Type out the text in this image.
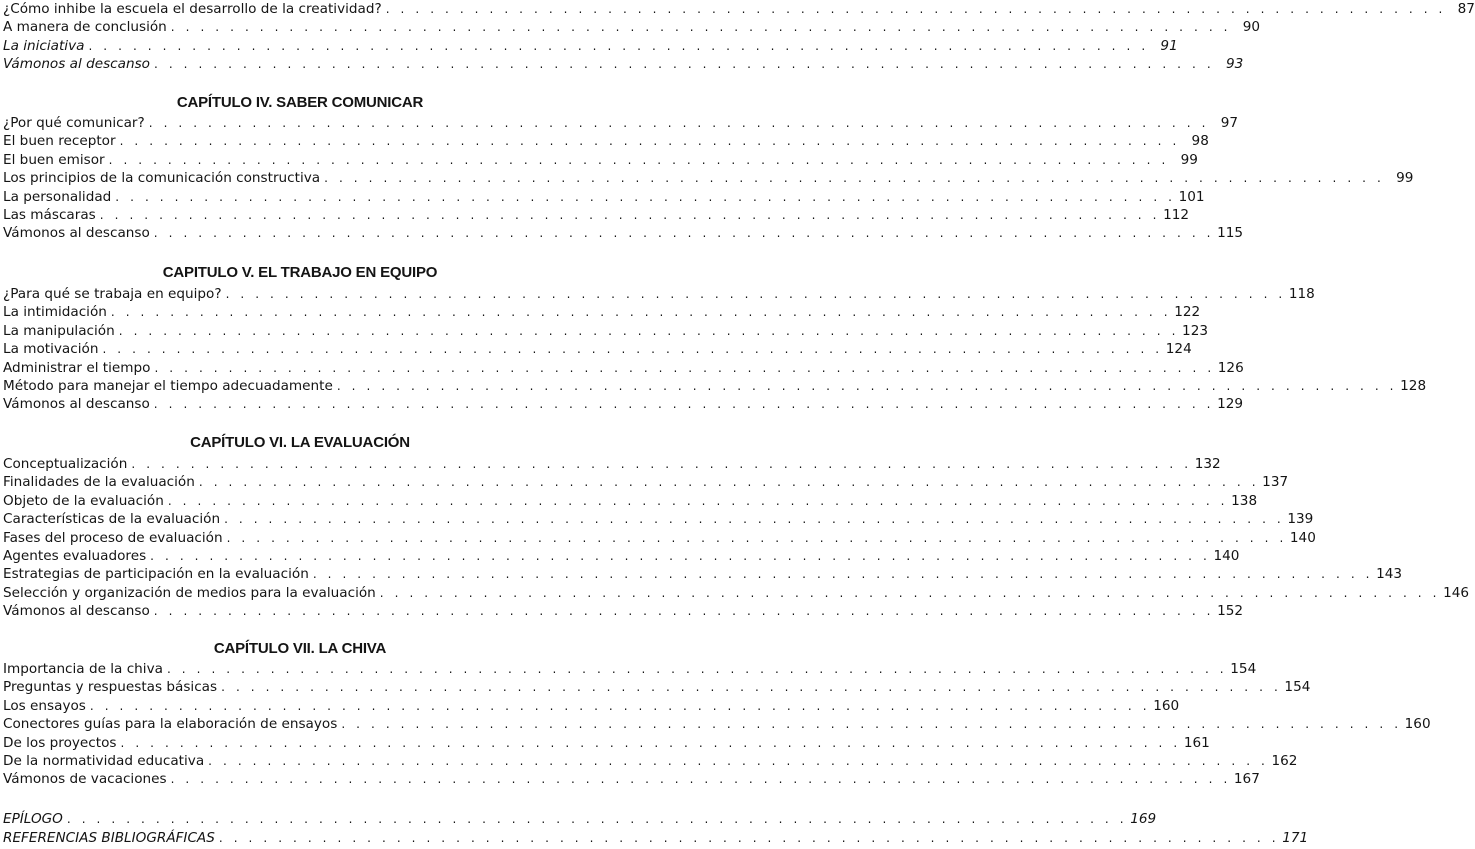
¿Cómo inhibe la escuela el desarrollo de la creatividad? . . . . . . . . . . . . . . . . . . . . . . . . . . . . . . . . . . . . . . . . . . . . . . . . . . . . . . . . . . . . . . . . . . . . . . . . 87
A manera de conclusión . . . . . . . . . . . . . . . . . . . . . . . . . . . . . . . . . . . . . . . . . . . . . . . . . . . . . . . . . . . . . . . . . . . . . . . . 90
La iniciativa . . . . . . . . . . . . . . . . . . . . . . . . . . . . . . . . . . . . . . . . . . . . . . . . . . . . . . . . . . . . . . . . . . . . . . . . 91
Vámonos al descanso . . . . . . . . . . . . . . . . . . . . . . . . . . . . . . . . . . . . . . . . . . . . . . . . . . . . . . . . . . . . . . . . . . . . . . . . 93
CAPÍTULO IV. SABER COMUNICAR
¿Por qué comunicar? . . . . . . . . . . . . . . . . . . . . . . . . . . . . . . . . . . . . . . . . . . . . . . . . . . . . . . . . . . . . . . . . . . . . . . . . 97
El buen receptor . . . . . . . . . . . . . . . . . . . . . . . . . . . . . . . . . . . . . . . . . . . . . . . . . . . . . . . . . . . . . . . . . . . . . . . . 98
El buen emisor . . . . . . . . . . . . . . . . . . . . . . . . . . . . . . . . . . . . . . . . . . . . . . . . . . . . . . . . . . . . . . . . . . . . . . . . 99
Los principios de la comunicación constructiva . . . . . . . . . . . . . . . . . . . . . . . . . . . . . . . . . . . . . . . . . . . . . . . . . . . . . . . . . . . . . . . . . . . . . . . . 99
La personalidad . . . . . . . . . . . . . . . . . . . . . . . . . . . . . . . . . . . . . . . . . . . . . . . . . . . . . . . . . . . . . . . . . . . . . . . . 101
Las máscaras . . . . . . . . . . . . . . . . . . . . . . . . . . . . . . . . . . . . . . . . . . . . . . . . . . . . . . . . . . . . . . . . . . . . . . . . 112
Vámonos al descanso . . . . . . . . . . . . . . . . . . . . . . . . . . . . . . . . . . . . . . . . . . . . . . . . . . . . . . . . . . . . . . . . . . . . . . . . 115
CAPITULO V. EL TRABAJO EN EQUIPO
¿Para qué se trabaja en equipo? . . . . . . . . . . . . . . . . . . . . . . . . . . . . . . . . . . . . . . . . . . . . . . . . . . . . . . . . . . . . . . . . . . . . . . . . 118
La intimidación . . . . . . . . . . . . . . . . . . . . . . . . . . . . . . . . . . . . . . . . . . . . . . . . . . . . . . . . . . . . . . . . . . . . . . . . 122
La manipulación . . . . . . . . . . . . . . . . . . . . . . . . . . . . . . . . . . . . . . . . . . . . . . . . . . . . . . . . . . . . . . . . . . . . . . . . 123
La motivación . . . . . . . . . . . . . . . . . . . . . . . . . . . . . . . . . . . . . . . . . . . . . . . . . . . . . . . . . . . . . . . . . . . . . . . . 124
Administrar el tiempo . . . . . . . . . . . . . . . . . . . . . . . . . . . . . . . . . . . . . . . . . . . . . . . . . . . . . . . . . . . . . . . . . . . . . . . . 126
Método para manejar el tiempo adecuadamente . . . . . . . . . . . . . . . . . . . . . . . . . . . . . . . . . . . . . . . . . . . . . . . . . . . . . . . . . . . . . . . . . . . . . . . . 128
Vámonos al descanso . . . . . . . . . . . . . . . . . . . . . . . . . . . . . . . . . . . . . . . . . . . . . . . . . . . . . . . . . . . . . . . . . . . . . . . . 129
CAPÍTULO VI. LA EVALUACIÓN
Conceptualización . . . . . . . . . . . . . . . . . . . . . . . . . . . . . . . . . . . . . . . . . . . . . . . . . . . . . . . . . . . . . . . . . . . . . . . . 132
Finalidades de la evaluación . . . . . . . . . . . . . . . . . . . . . . . . . . . . . . . . . . . . . . . . . . . . . . . . . . . . . . . . . . . . . . . . . . . . . . . . 137
Objeto de la evaluación . . . . . . . . . . . . . . . . . . . . . . . . . . . . . . . . . . . . . . . . . . . . . . . . . . . . . . . . . . . . . . . . . . . . . . . . 138
Características de la evaluación . . . . . . . . . . . . . . . . . . . . . . . . . . . . . . . . . . . . . . . . . . . . . . . . . . . . . . . . . . . . . . . . . . . . . . . . 139
Fases del proceso de evaluación . . . . . . . . . . . . . . . . . . . . . . . . . . . . . . . . . . . . . . . . . . . . . . . . . . . . . . . . . . . . . . . . . . . . . . . . 140
Agentes evaluadores . . . . . . . . . . . . . . . . . . . . . . . . . . . . . . . . . . . . . . . . . . . . . . . . . . . . . . . . . . . . . . . . . . . . . . . . 140
Estrategias de participación en la evaluación . . . . . . . . . . . . . . . . . . . . . . . . . . . . . . . . . . . . . . . . . . . . . . . . . . . . . . . . . . . . . . . . . . . . . . . . 143
Selección y organización de medios para la evaluación . . . . . . . . . . . . . . . . . . . . . . . . . . . . . . . . . . . . . . . . . . . . . . . . . . . . . . . . . . . . . . . . . . . . . . . . 146
Vámonos al descanso . . . . . . . . . . . . . . . . . . . . . . . . . . . . . . . . . . . . . . . . . . . . . . . . . . . . . . . . . . . . . . . . . . . . . . . . 152
CAPÍTULO VII. LA CHIVA
Importancia de la chiva . . . . . . . . . . . . . . . . . . . . . . . . . . . . . . . . . . . . . . . . . . . . . . . . . . . . . . . . . . . . . . . . . . . . . . . . 154
Preguntas y respuestas básicas . . . . . . . . . . . . . . . . . . . . . . . . . . . . . . . . . . . . . . . . . . . . . . . . . . . . . . . . . . . . . . . . . . . . . . . . 154
Los ensayos . . . . . . . . . . . . . . . . . . . . . . . . . . . . . . . . . . . . . . . . . . . . . . . . . . . . . . . . . . . . . . . . . . . . . . . . 160
Conectores guías para la elaboración de ensayos . . . . . . . . . . . . . . . . . . . . . . . . . . . . . . . . . . . . . . . . . . . . . . . . . . . . . . . . . . . . . . . . . . . . . . . . 160
De los proyectos . . . . . . . . . . . . . . . . . . . . . . . . . . . . . . . . . . . . . . . . . . . . . . . . . . . . . . . . . . . . . . . . . . . . . . . . 161
De la normatividad educativa . . . . . . . . . . . . . . . . . . . . . . . . . . . . . . . . . . . . . . . . . . . . . . . . . . . . . . . . . . . . . . . . . . . . . . . . 162
Vámonos de vacaciones . . . . . . . . . . . . . . . . . . . . . . . . . . . . . . . . . . . . . . . . . . . . . . . . . . . . . . . . . . . . . . . . . . . . . . . . 167
EPÍLOGO . . . . . . . . . . . . . . . . . . . . . . . . . . . . . . . . . . . . . . . . . . . . . . . . . . . . . . . . . . . . . . . . . . . . . . . . 169
REFERENCIAS BIBLIOGRÁFICAS . . . . . . . . . . . . . . . . . . . . . . . . . . . . . . . . . . . . . . . . . . . . . . . . . . . . . . . . . . . . . . . . . . . . . . . . 171
